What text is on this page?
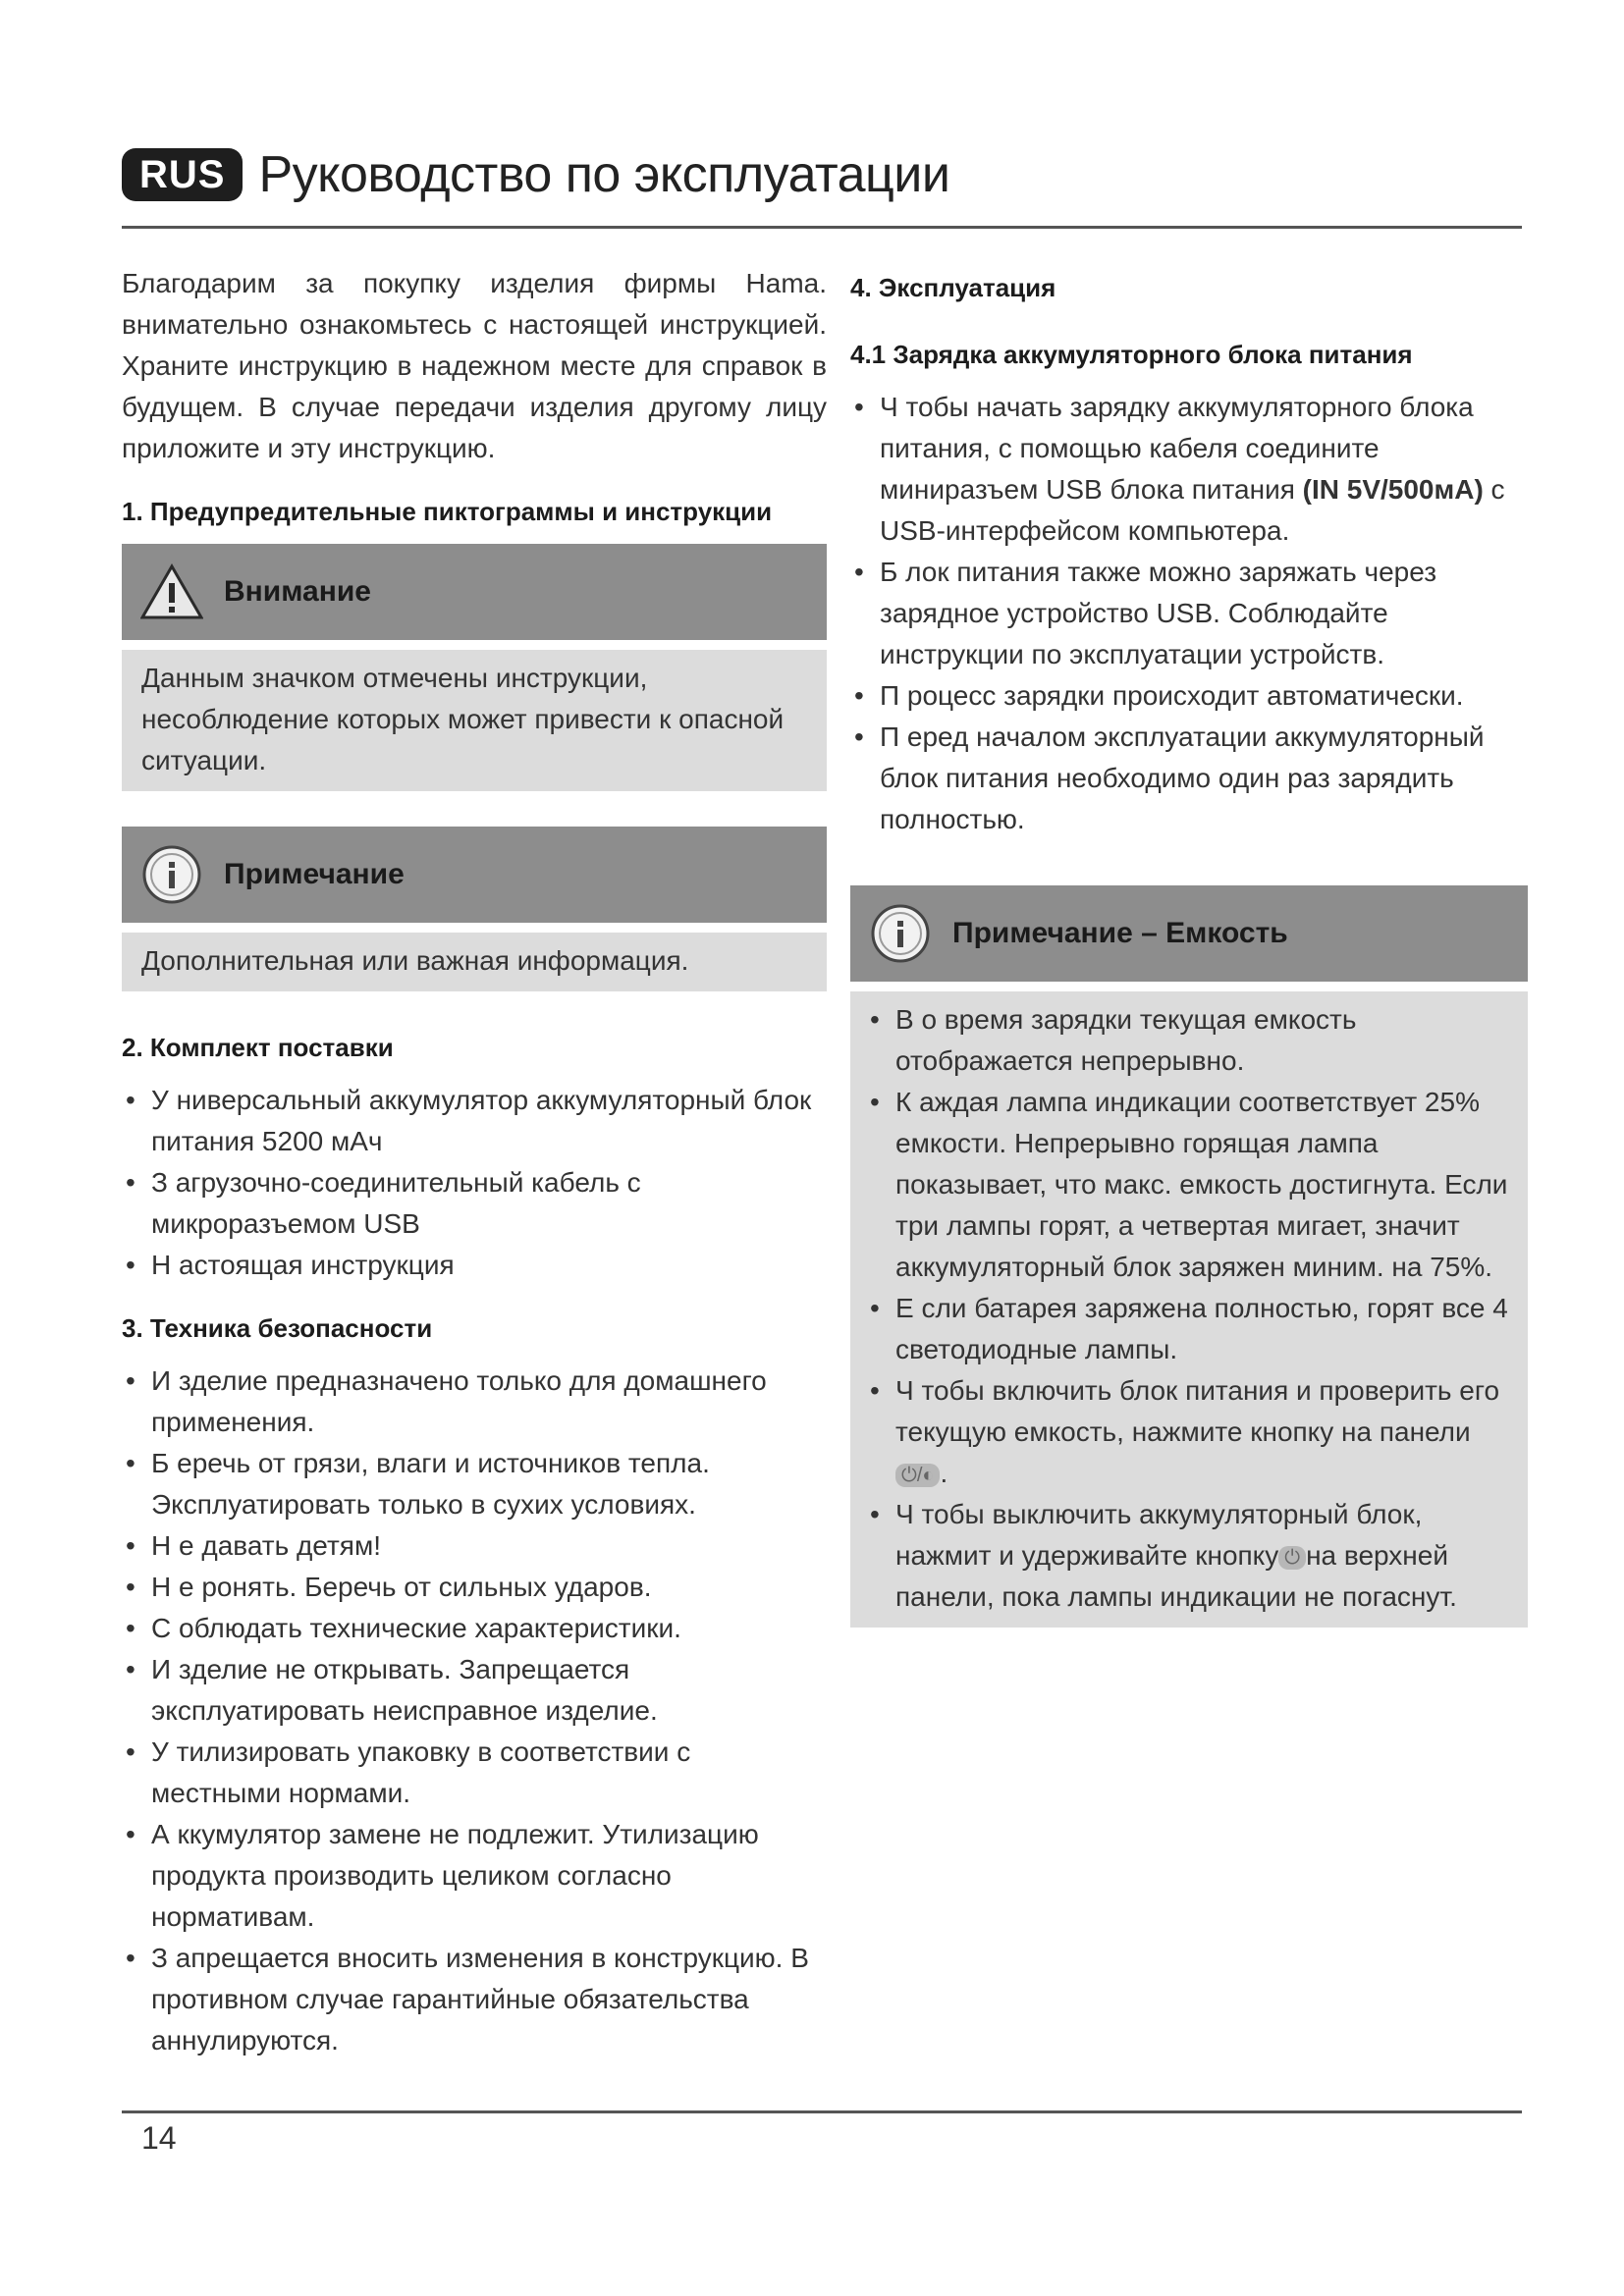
RUS Руководство по эксплуатации

Благодарим за покупку изделия фирмы Hama. внимательно ознакомьтесь с настоящей инструкцией. Храните инструкцию в надежном месте для справок в будущем. В случае передачи изделия другому лицу приложите и эту инструкцию.

1. Предупредительные пиктограммы и инструкции
Внимание
Данным значком отмечены инструкции, несоблюдение которых может привести к опасной ситуации.
Примечание
Дополнительная или важная информация.
2. Комплект поставки
• У ниверсальный аккумулятор аккумуляторный блок питания 5200 мАч
• З агрузочно-соединительный кабель с микроразъемом USB
• Н астоящая инструкция
3. Техника безопасности
• И зделие предназначено только для домашнего применения.
• Б еречь от грязи, влаги и источников тепла. Эксплуатировать только в сухих условиях.
• Н е давать детям!
• Н е ронять. Беречь от сильных ударов.
• С облюдать технические характеристики.
• И зделие не открывать. Запрещается эксплуатировать неисправное изделие.
• У тилизировать упаковку в соответствии с местными нормами.
• А ккумулятор замене не подлежит. Утилизацию продукта производить целиком согласно нормативам.
• З апрещается вносить изменения в конструкцию. В противном случае гарантийные обязательства аннулируются.
4. Эксплуатация
4.1 Зарядка аккумуляторного блока питания
• Ч тобы начать зарядку аккумуляторного блока питания, с помощью кабеля соедините миниразъем USB блока питания (IN 5V/500мА) с USB-интерфейсом компьютера.
• Б лок питания также можно заряжать через зарядное устройство USB. Соблюдайте инструкции по эксплуатации устройств.
• П роцесс зарядки происходит автоматически.
• П еред началом эксплуатации аккумуляторный блок питания необходимо один раз зарядить полностью.
Примечание – Емкость
• В о время зарядки текущая емкость отображается непрерывно.
• К аждая лампа индикации соответствует 25% емкости. Непрерывно горящая лампа показывает, что макс. емкость достигнута. Если три лампы горят, а четвертая мигает, значит аккумуляторный блок заряжен миним. на 75%.
• Е сли батарея заряжена полностью, горят все 4 светодиодные лампы.
• Ч тобы включить блок питания и проверить его текущую емкость, нажмите кнопку на панели
⏻/◐ .
• Ч тобы выключить аккумуляторный блок, нажмит и удерживайте кнопку ⏻ на верхней панели, пока лампы индикации не погаснут.
14
